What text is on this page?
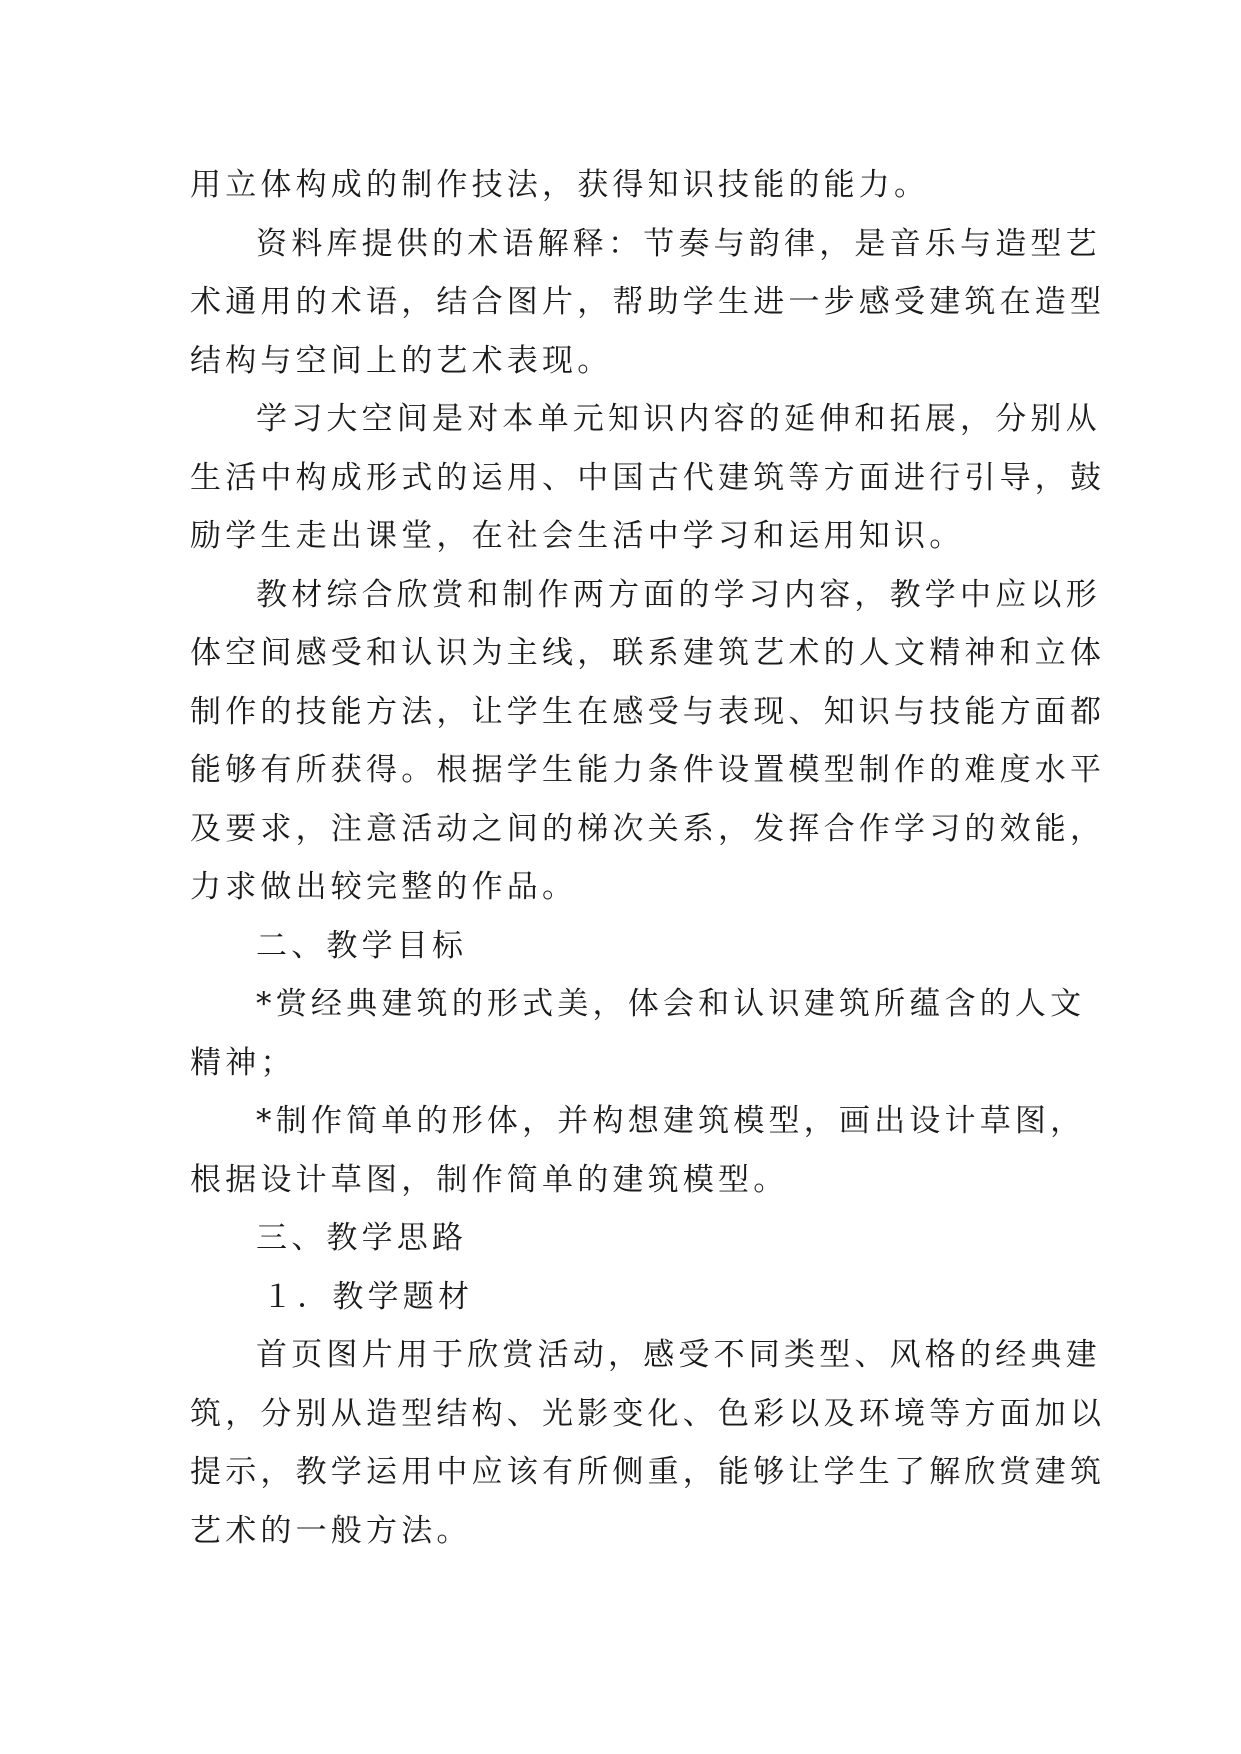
用立体构成的制作技法，获得知识技能的能力。
资料库提供的术语解释：节奏与韵律，是音乐与造型艺
术通用的术语，结合图片，帮助学生进一步感受建筑在造型
结构与空间上的艺术表现。
学习大空间是对本单元知识内容的延伸和拓展，分别从
生活中构成形式的运用、中国古代建筑等方面进行引导，鼓
励学生走出课堂，在社会生活中学习和运用知识。
教材综合欣赏和制作两方面的学习内容，教学中应以形
体空间感受和认识为主线，联系建筑艺术的人文精神和立体
制作的技能方法，让学生在感受与表现、知识与技能方面都
能够有所获得。根据学生能力条件设置模型制作的难度水平
及要求，注意活动之间的梯次关系，发挥合作学习的效能，
力求做出较完整的作品。
二、教学目标
*赏经典建筑的形式美，体会和认识建筑所蕴含的人文
精神；
*制作简单的形体，并构想建筑模型，画出设计草图，
根据设计草图，制作简单的建筑模型。
三、教学思路
１．教学题材
首页图片用于欣赏活动，感受不同类型、风格的经典建
筑，分别从造型结构、光影变化、色彩以及环境等方面加以
提示，教学运用中应该有所侧重，能够让学生了解欣赏建筑
艺术的一般方法。
